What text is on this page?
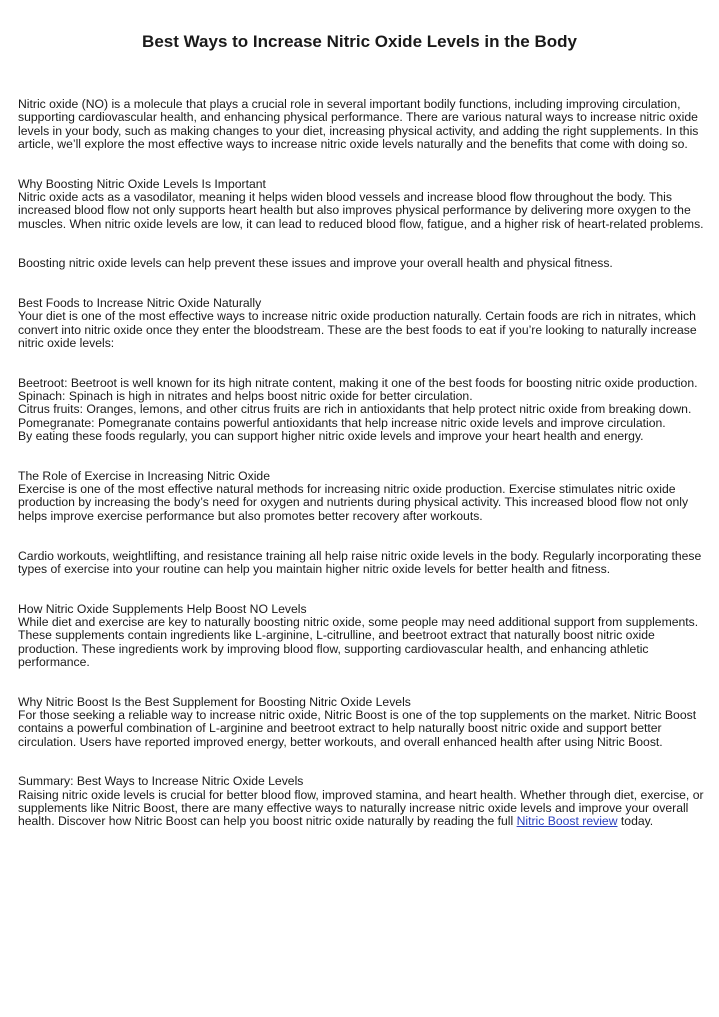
Best Ways to Increase Nitric Oxide Levels in the Body

Nitric oxide (NO) is a molecule that plays a crucial role in several important bodily functions, including improving circulation, supporting cardiovascular health, and enhancing physical performance. There are various natural ways to increase nitric oxide levels in your body, such as making changes to your diet, increasing physical activity, and adding the right supplements. In this article, we’ll explore the most effective ways to increase nitric oxide levels naturally and the benefits that come with doing so.

Why Boosting Nitric Oxide Levels Is Important
Nitric oxide acts as a vasodilator, meaning it helps widen blood vessels and increase blood flow throughout the body. This increased blood flow not only supports heart health but also improves physical performance by delivering more oxygen to the muscles. When nitric oxide levels are low, it can lead to reduced blood flow, fatigue, and a higher risk of heart-related problems.

Boosting nitric oxide levels can help prevent these issues and improve your overall health and physical fitness.

Best Foods to Increase Nitric Oxide Naturally
Your diet is one of the most effective ways to increase nitric oxide production naturally. Certain foods are rich in nitrates, which convert into nitric oxide once they enter the bloodstream. These are the best foods to eat if you’re looking to naturally increase nitric oxide levels:

Beetroot: Beetroot is well known for its high nitrate content, making it one of the best foods for boosting nitric oxide production.
Spinach: Spinach is high in nitrates and helps boost nitric oxide for better circulation.
Citrus fruits: Oranges, lemons, and other citrus fruits are rich in antioxidants that help protect nitric oxide from breaking down.
Pomegranate: Pomegranate contains powerful antioxidants that help increase nitric oxide levels and improve circulation.
By eating these foods regularly, you can support higher nitric oxide levels and improve your heart health and energy.

The Role of Exercise in Increasing Nitric Oxide
Exercise is one of the most effective natural methods for increasing nitric oxide production. Exercise stimulates nitric oxide production by increasing the body’s need for oxygen and nutrients during physical activity. This increased blood flow not only helps improve exercise performance but also promotes better recovery after workouts.

Cardio workouts, weightlifting, and resistance training all help raise nitric oxide levels in the body. Regularly incorporating these types of exercise into your routine can help you maintain higher nitric oxide levels for better health and fitness.

How Nitric Oxide Supplements Help Boost NO Levels
While diet and exercise are key to naturally boosting nitric oxide, some people may need additional support from supplements. These supplements contain ingredients like L-arginine, L-citrulline, and beetroot extract that naturally boost nitric oxide production. These ingredients work by improving blood flow, supporting cardiovascular health, and enhancing athletic performance.

Why Nitric Boost Is the Best Supplement for Boosting Nitric Oxide Levels
For those seeking a reliable way to increase nitric oxide, Nitric Boost is one of the top supplements on the market. Nitric Boost contains a powerful combination of L-arginine and beetroot extract to help naturally boost nitric oxide and support better circulation. Users have reported improved energy, better workouts, and overall enhanced health after using Nitric Boost.

Summary: Best Ways to Increase Nitric Oxide Levels
Raising nitric oxide levels is crucial for better blood flow, improved stamina, and heart health. Whether through diet, exercise, or supplements like Nitric Boost, there are many effective ways to naturally increase nitric oxide levels and improve your overall health. Discover how Nitric Boost can help you boost nitric oxide naturally by reading the full Nitric Boost review today.
